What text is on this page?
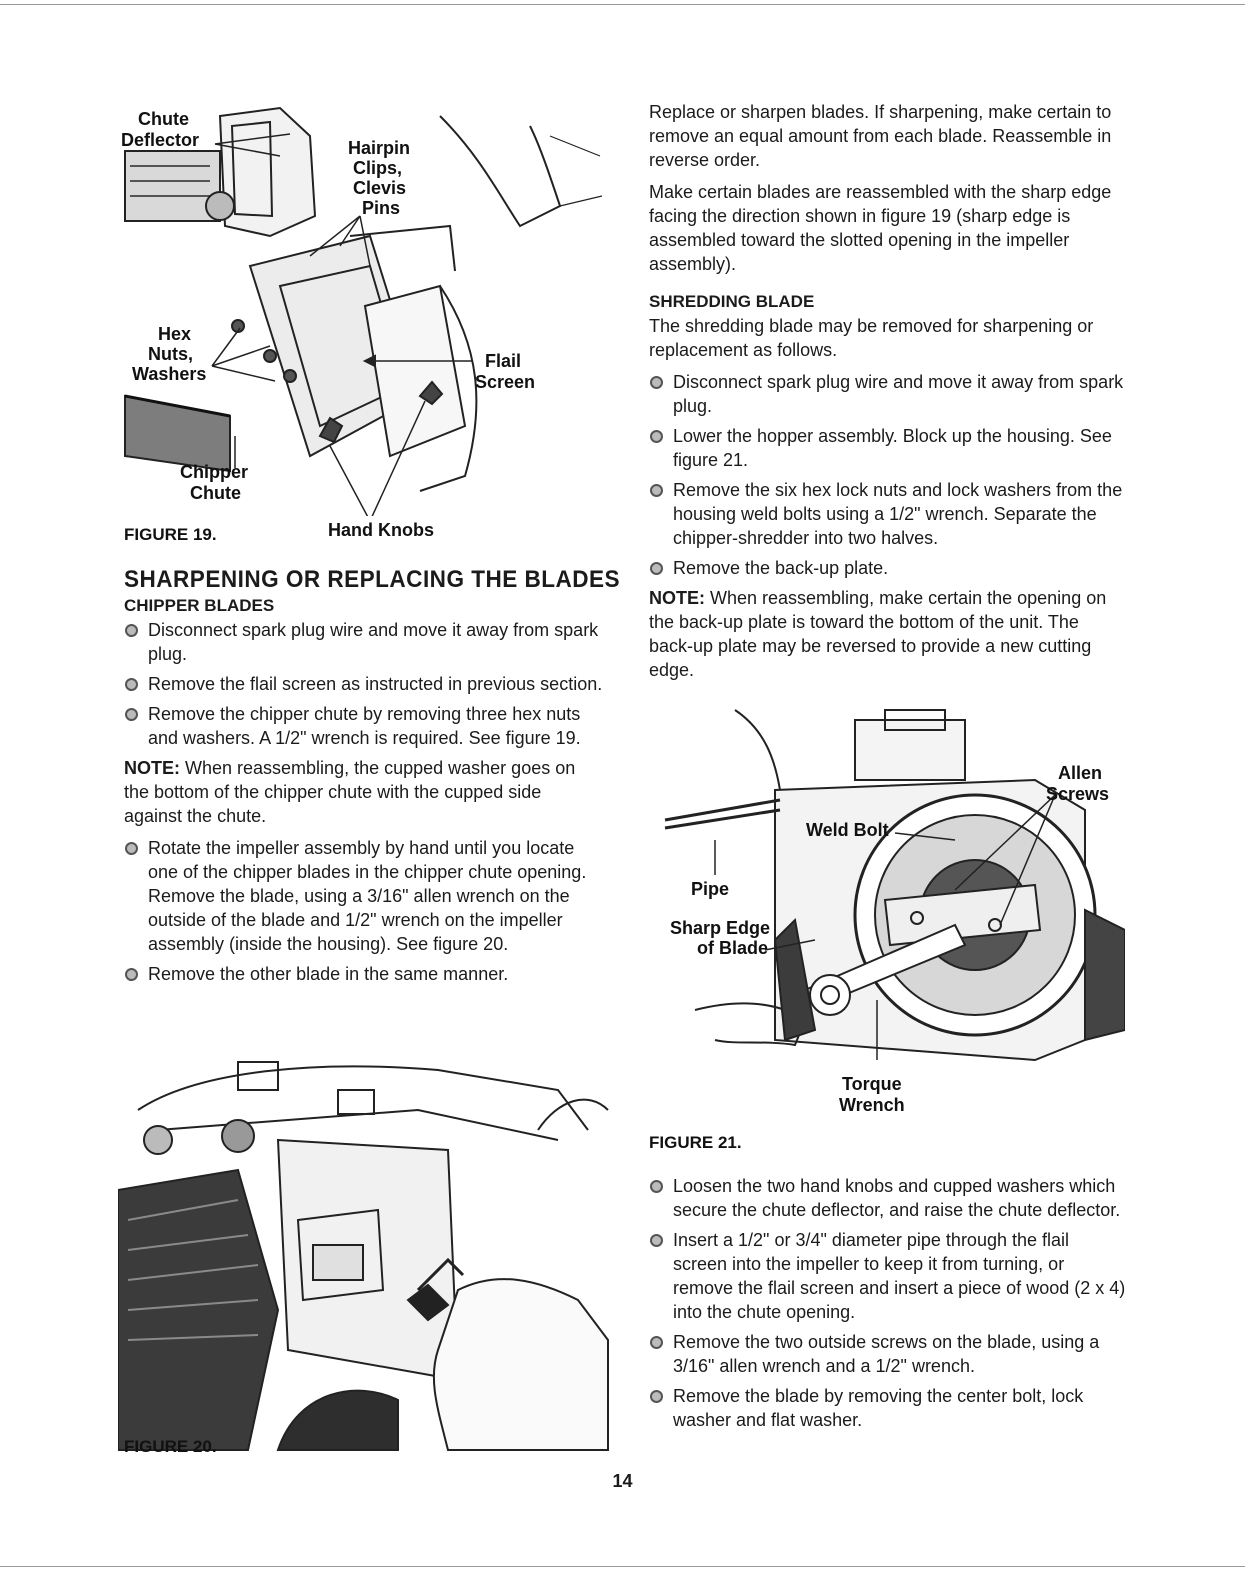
Chute
Deflector	Hairpin
Clips,
Clevis
Pins
Hex
Nuts,
Washers
Flail
Screen
Chipper
Chute
FIGURE 19.	Hand Knobs
SHARPENING OR REPLACING THE BLADES
CHIPPER BLADES
Disconnect spark plug wire and move it away from spark plug.
Remove the flail screen as instructed in previous section.
Remove the chipper chute by removing three hex nuts and washers. A 1/2" wrench is required. See figure 19.

NOTE: When reassembling, the cupped washer goes on the bottom of the chipper chute with the cupped side against the chute.

Rotate the impeller assembly by hand until you locate one of the chipper blades in the chipper chute opening. Remove the blade, using a 3/16" allen wrench on the outside of the blade and 1/2" wrench on the impeller assembly (inside the housing). See figure 20.
Remove the other blade in the same manner.
FIGURE 20.

Replace or sharpen blades. If sharpening, make certain to remove an equal amount from each blade. Reassemble in reverse order.

Make certain blades are reassembled with the sharp edge facing the direction shown in figure 19 (sharp edge is assembled toward the slotted opening in the impeller assembly).

SHREDDING BLADE

The shredding blade may be removed for sharpening or replacement as follows.

Disconnect spark plug wire and move it away from spark plug.
Lower the hopper assembly. Block up the housing. See figure 21.
Remove the six hex lock nuts and lock washers from the housing weld bolts using a 1/2" wrench. Separate the chipper-shredder into two halves.
Remove the back-up plate.

NOTE: When reassembling, make certain the opening on the back-up plate is toward the bottom of the unit. The back-up plate may be reversed to provide a new cutting edge.

Allen
Screws
Weld Bolt
Pipe
Sharp Edge
of Blade
Torque
Wrench
FIGURE 21.
Loosen the two hand knobs and cupped washers which secure the chute deflector, and raise the chute deflector.
Insert a 1/2" or 3/4" diameter pipe through the flail screen into the impeller to keep it from turning, or remove the flail screen and insert a piece of wood (2 x 4) into the chute opening.
Remove the two outside screws on the blade, using a 3/16" allen wrench and a 1/2" wrench.
Remove the blade by removing the center bolt, lock washer and flat washer.
14
